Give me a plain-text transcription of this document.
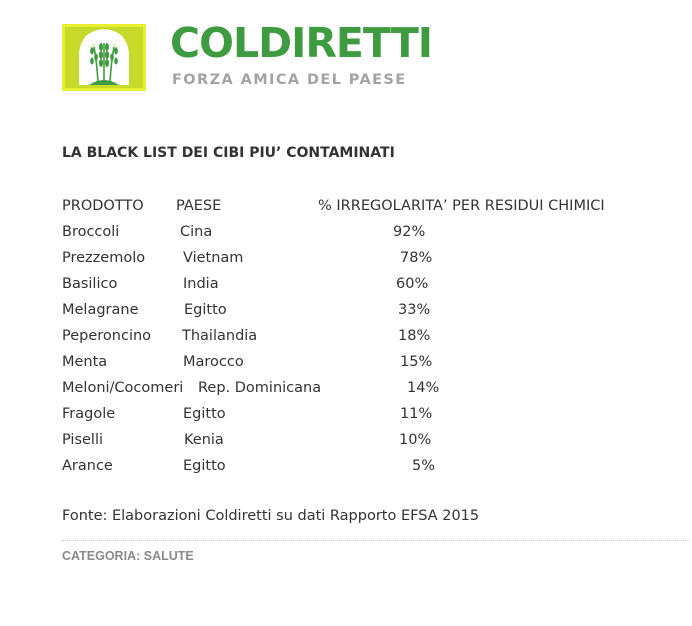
COLDIRETTI
FORZA AMICA DEL PAESE
LA BLACK LIST DEI CIBI PIU’ CONTAMINATI
PRODOTTO PAESE	% IRREGOLARITA’ PER RESIDUI CHIMICI
Broccoli	Cina	92%
Prezzemolo	Vietnam	78%
Basilico	India	60%
Melagrane	Egitto	33%
Peperoncino Thailandia	18%
Menta	Marocco	15%
Meloni/Cocomeri Rep. Dominicana	14%
Fragole	Egitto	11%
Piselli	Kenia	10%
Arance	Egitto	5%
Fonte: Elaborazioni Coldiretti su dati Rapporto EFSA 2015
CATEGORIA: SALUTE
